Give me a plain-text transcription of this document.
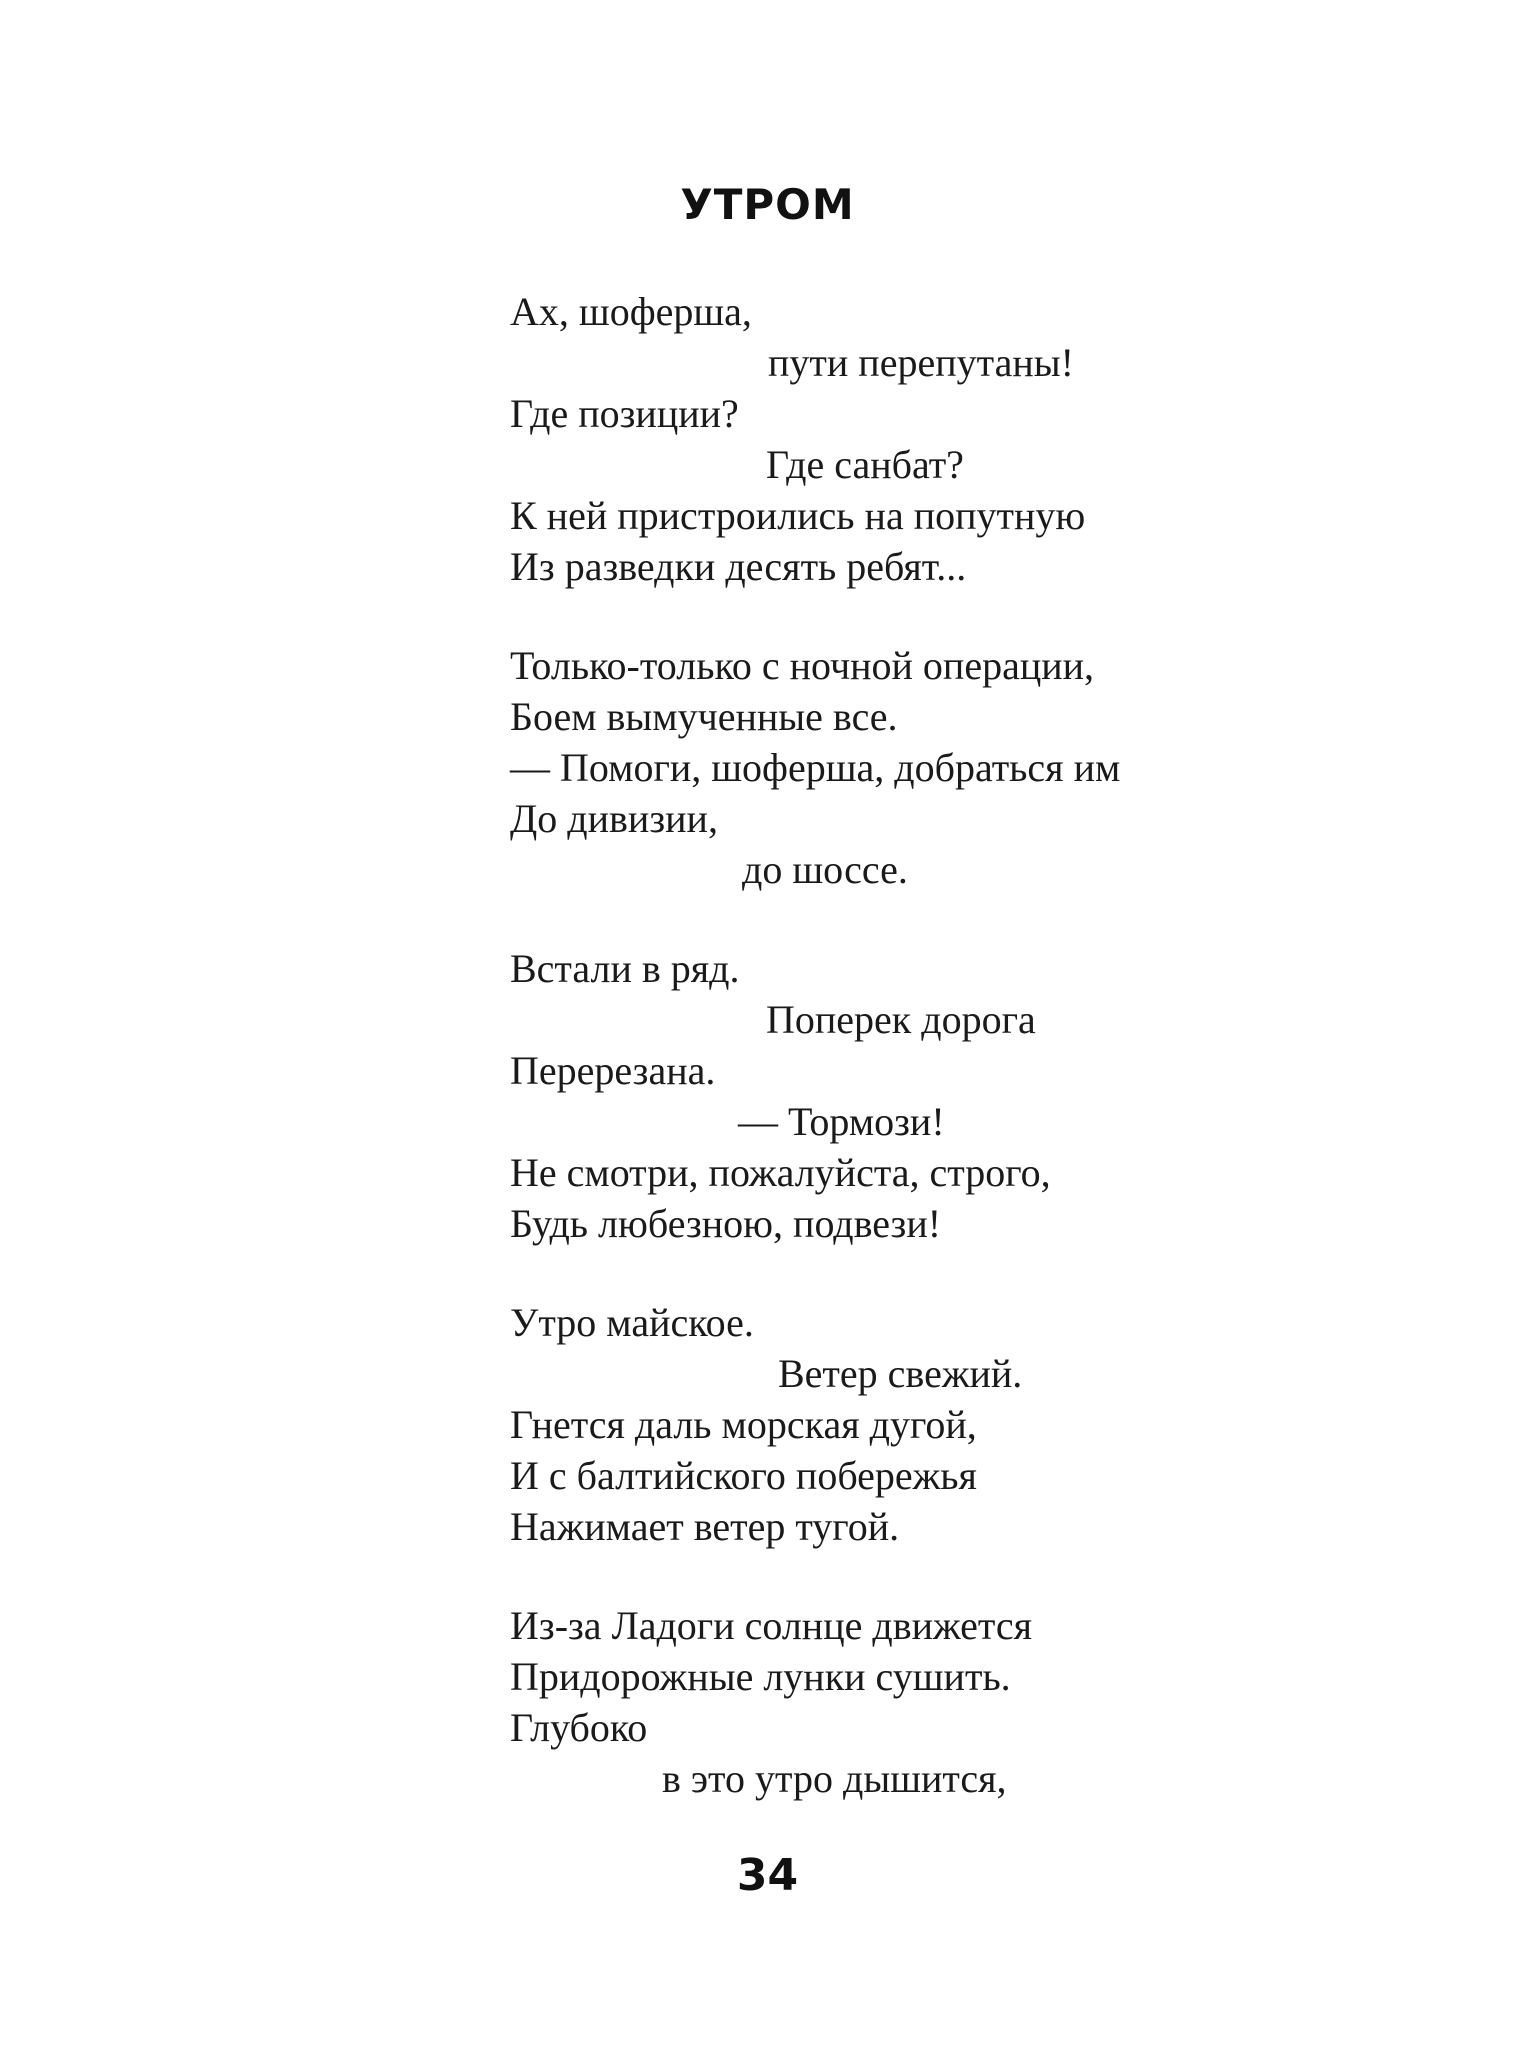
УТРОМ
Ах, шоферша,
пути перепутаны!
Где позиции?
Где санбат?
К ней пристроились на попутную
Из разведки десять ребят...
Только-только с ночной операции,
Боем вымученные все.
— Помоги, шоферша, добраться им
До дивизии,
до шоссе.
Встали в ряд.
Поперек дорога
Перерезана.
— Тормози!
Не смотри, пожалуйста, строго,
Будь любезною, подвези!
Утро майское.
Ветер свежий.
Гнется даль морская дугой,
И с балтийского побережья
Нажимает ветер тугой.
Из-за Ладоги солнце движется
Придорожные лунки сушить.
Глубоко
в это утро дышится,
34
